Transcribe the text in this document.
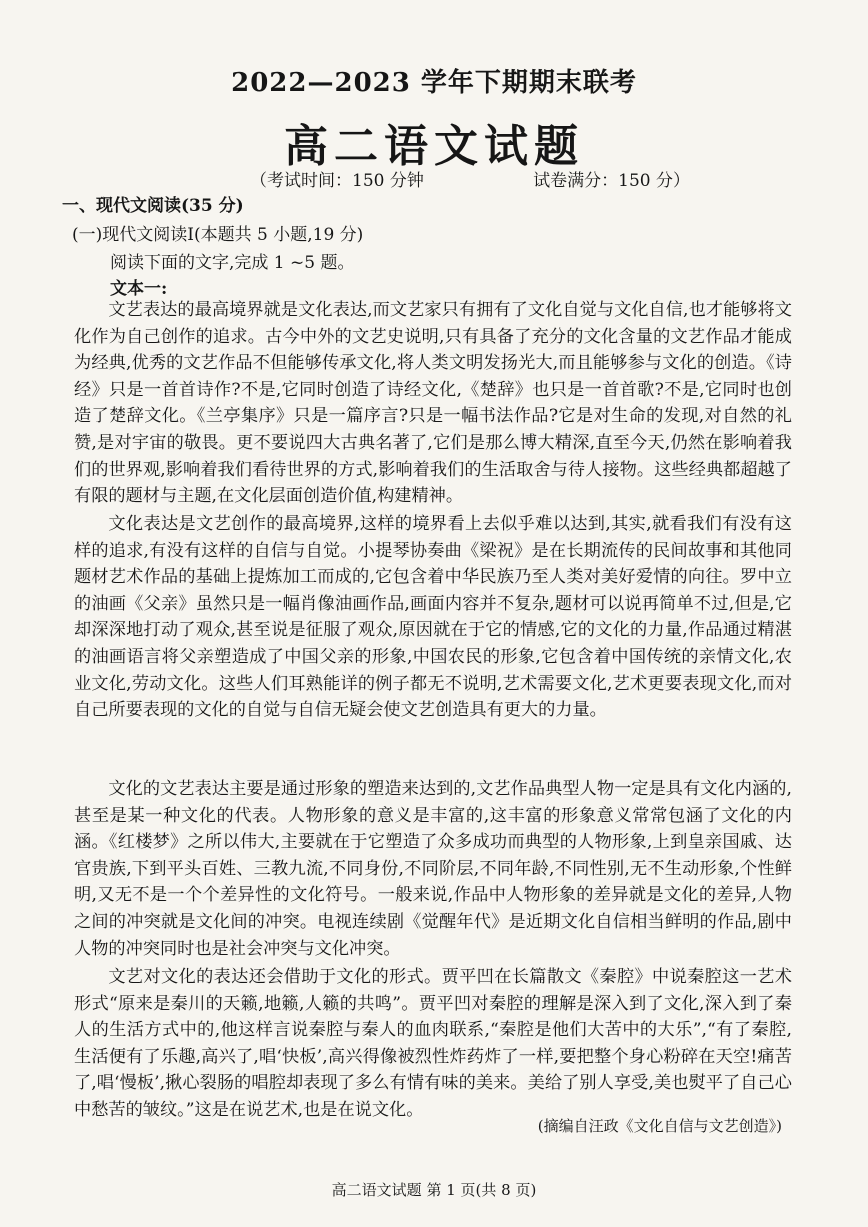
2022—2023 学年下期期末联考
高二语文试题
（考试时间：150 分钟	试卷满分：150 分）
一、现代文阅读(35 分)
(一)现代文阅读Ⅰ(本题共 5 小题,19 分)
阅读下面的文字,完成 1 ~5 题。
文本一:

文艺表达的最高境界就是文化表达,而文艺家只有拥有了文化自觉与文化自信,也才能够将文化作为自己创作的追求。古今中外的文艺史说明,只有具备了充分的文化含量的文艺作品才能成为经典,优秀的文艺作品不但能够传承文化,将人类文明发扬光大,而且能够参与文化的创造。《诗经》只是一首首诗作?不是,它同时创造了诗经文化,《楚辞》也只是一首首歌?不是,它同时也创造了楚辞文化。《兰亭集序》只是一篇序言?只是一幅书法作品?它是对生命的发现,对自然的礼赞,是对宇宙的敬畏。更不要说四大古典名著了,它们是那么博大精深,直至今天,仍然在影响着我们的世界观,影响着我们看待世界的方式,影响着我们的生活取舍与待人接物。这些经典都超越了有限的题材与主题,在文化层面创造价值,构建精神。

文化表达是文艺创作的最高境界,这样的境界看上去似乎难以达到,其实,就看我们有没有这样的追求,有没有这样的自信与自觉。小提琴协奏曲《梁祝》是在长期流传的民间故事和其他同题材艺术作品的基础上提炼加工而成的,它包含着中华民族乃至人类对美好爱情的向往。罗中立的油画《父亲》虽然只是一幅肖像油画作品,画面内容并不复杂,题材可以说再简单不过,但是,它却深深地打动了观众,甚至说是征服了观众,原因就在于它的情感,它的文化的力量,作品通过精湛的油画语言将父亲塑造成了中国父亲的形象,中国农民的形象,它包含着中国传统的亲情文化,农业文化,劳动文化。这些人们耳熟能详的例子都无不说明,艺术需要文化,艺术更要表现文化,而对自己所要表现的文化的自觉与自信无疑会使文艺创造具有更大的力量。

文化的文艺表达主要是通过形象的塑造来达到的,文艺作品典型人物一定是具有文化内涵的,甚至是某一种文化的代表。人物形象的意义是丰富的,这丰富的形象意义常常包涵了文化的内涵。《红楼梦》之所以伟大,主要就在于它塑造了众多成功而典型的人物形象,上到皇亲国戚、达官贵族,下到平头百姓、三教九流,不同身份,不同阶层,不同年龄,不同性别,无不生动形象,个性鲜明,又无不是一个个差异性的文化符号。一般来说,作品中人物形象的差异就是文化的差异,人物之间的冲突就是文化间的冲突。电视连续剧《觉醒年代》是近期文化自信相当鲜明的作品,剧中人物的冲突同时也是社会冲突与文化冲突。

文艺对文化的表达还会借助于文化的形式。贾平凹在长篇散文《秦腔》中说秦腔这一艺术形式“原来是秦川的天籁,地籁,人籁的共鸣”。贾平凹对秦腔的理解是深入到了文化,深入到了秦人的生活方式中的,他这样言说秦腔与秦人的血肉联系,“秦腔是他们大苦中的大乐”,“有了秦腔,生活便有了乐趣,高兴了,唱‘快板’,高兴得像被烈性炸药炸了一样,要把整个身心粉碎在天空!痛苦了,唱‘慢板’,揪心裂肠的唱腔却表现了多么有情有味的美来。美给了别人享受,美也熨平了自己心中愁苦的皱纹。”这是在说艺术,也是在说文化。

(摘编自汪政《文化自信与文艺创造》)
高二语文试题 第 1 页(共 8 页)
